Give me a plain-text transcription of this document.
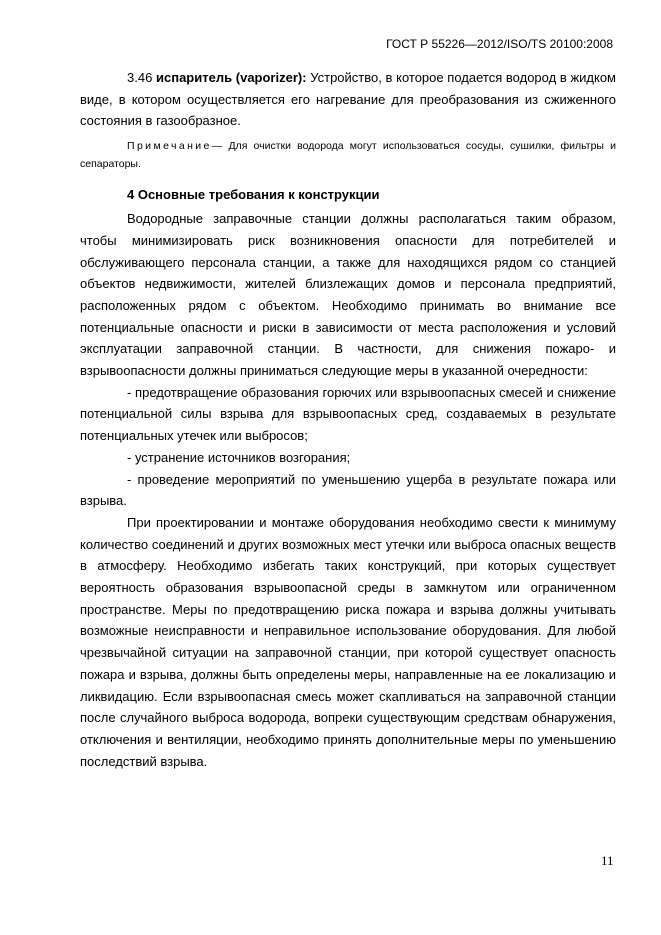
ГОСТ Р 55226—2012/ISO/TS 20100:2008

3.46 испаритель (vaporizer): Устройство, в которое подается водород в жидком виде, в котором осуществляется его нагревание для преобразования из сжиженного состояния в газообразное.

Примечание— Для очистки водорода могут использоваться сосуды, сушилки, фильтры и сепараторы.

4 Основные требования к конструкции

Водородные заправочные станции должны располагаться таким образом, чтобы минимизировать риск возникновения опасности для потребителей и обслуживающего персонала станции, а также для находящихся рядом со станцией объектов недвижимости, жителей близлежащих домов и персонала предприятий, расположенных рядом с объектом. Необходимо принимать во внимание все потенциальные опасности и риски в зависимости от места расположения и условий эксплуатации заправочной станции. В частности, для снижения пожаро- и взрывоопасности должны приниматься следующие меры в указанной очередности:

- предотвращение образования горючих или взрывоопасных смесей и снижение потенциальной силы взрыва для взрывоопасных сред, создаваемых в результате потенциальных утечек или выбросов;

- устранение источников возгорания;

- проведение мероприятий по уменьшению ущерба в результате пожара или взрыва.

При проектировании и монтаже оборудования необходимо свести к минимуму количество соединений и других возможных мест утечки или выброса опасных веществ в атмосферу. Необходимо избегать таких конструкций, при которых существует вероятность образования взрывоопасной среды в замкнутом или ограниченном пространстве. Меры по предотвращению риска пожара и взрыва должны учитывать возможные неисправности и неправильное использование оборудования. Для любой чрезвычайной ситуации на заправочной станции, при которой существует опасность пожара и взрыва, должны быть определены меры, направленные на ее локализацию и ликвидацию. Если взрывоопасная смесь может скапливаться на заправочной станции после случайного выброса водорода, вопреки существующим средствам обнаружения, отключения и вентиляции, необходимо принять дополнительные меры по уменьшению последствий взрыва.

11
